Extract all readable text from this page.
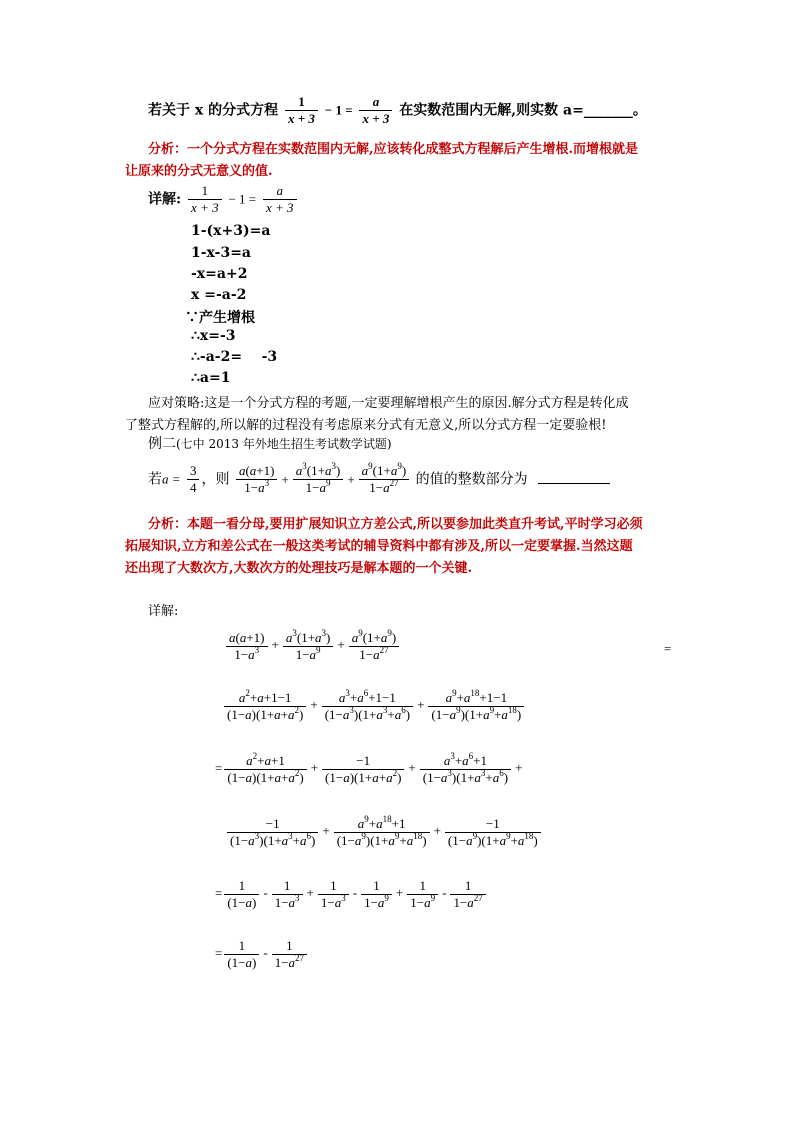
若关于 x 的分式方程 $\frac{1}{x + 3} - 1 = \frac{a}{x + 3}$ 在实数范围内无解,则实数 a=_______。
分析：一个分式方程在实数范围内无解,应该转化成整式方程解后产生增根.而增根就是
让原来的分式无意义的值.
详解: $\frac{1}{x + 3} - 1 = \frac{a}{x + 3}$
1-(x+3)=a
1-x-3=a
-x=a+2
x =-a-2
∵产生增根
∴x=-3
∴-a-2=    -3
∴a=1
应对策略:这是一个分式方程的考题,一定要理解增根产生的原因.解分式方程是转化成
了整式方程解的,所以解的过程没有考虑原来分式有无意义,所以分式方程一定要验根!
例二(七中 2013 年外地生招生考试数学试题)
若$a = \frac{3}{4}$ ，则 $\frac{a(a+1)}{1-a^3} + \frac{a^3(1+a^3)}{1-a^9} + \frac{a^9(1+a^9)}{1-a^{27}}$ 的值的整数部分为
分析：本题一看分母,要用扩展知识立方差公式,所以要参加此类直升考试,平时学习必须
拓展知识,立方和差公式在一般这类考试的辅导资料中都有涉及,所以一定要掌握.当然这题
还出现了大数次方,大数次方的处理技巧是解本题的一个关键.
详解:
$\frac{a(a+1)}{1-a^3} + \frac{a^3(1+a^3)}{1-a^9} + \frac{a^9(1+a^9)}{1-a^{27}}$	=
$\frac{a^2+a+1-1}{(1-a)(1+a+a^2)} + \frac{a^3+a^6+1-1}{(1-a^3)(1+a^3+a^6)} + \frac{a^9+a^{18}+1-1}{(1-a^9)(1+a^9+a^{18})}$
= $\frac{a^2+a+1}{(1-a)(1+a+a^2)} + \frac{-1}{(1-a)(1+a+a^2)} + \frac{a^3+a^6+1}{(1-a^3)(1+a^3+a^6)}$ +
$\frac{-1}{(1-a^3)(1+a^3+a^6)} + \frac{a^9+a^{18}+1}{(1-a^9)(1+a^9+a^{18})} + \frac{-1}{(1-a^9)(1+a^9+a^{18})}$
= $\frac{1}{(1-a)} - \frac{1}{1-a^3} + \frac{1}{1-a^3} - \frac{1}{1-a^9} + \frac{1}{1-a^9} - \frac{1}{1-a^{27}}$
= $\frac{1}{(1-a)} - \frac{1}{1-a^{27}}$
